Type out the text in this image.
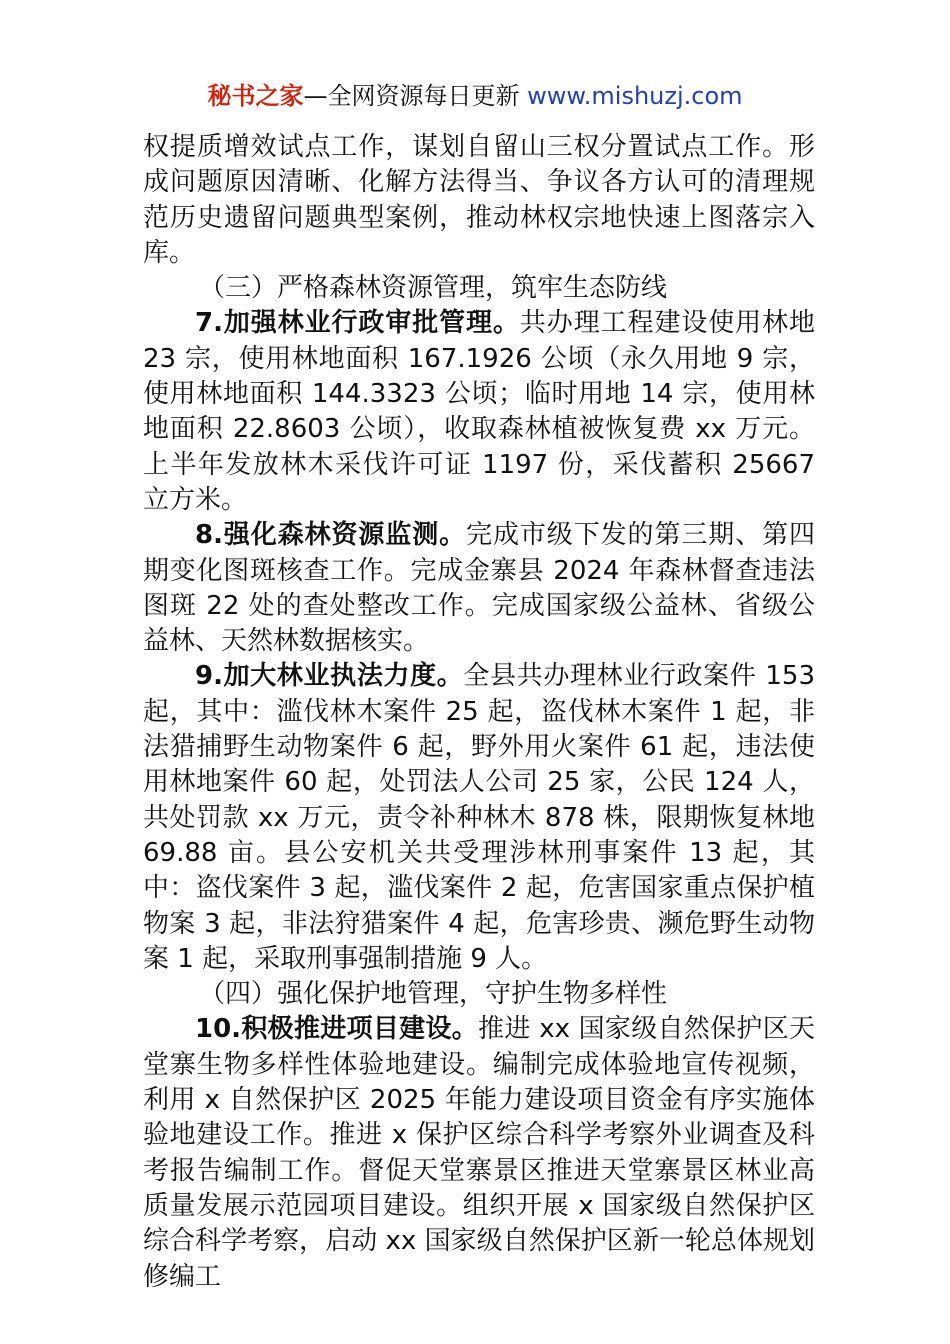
秘书之家—全网资源每日更新 www.mishuzj.com

权提质增效试点工作，谋划自留山三权分置试点工作。形成问题原因清晰、化解方法得当、争议各方认可的清理规范历史遗留问题典型案例，推动林权宗地快速上图落宗入库。

（三）严格森林资源管理，筑牢生态防线

7.加强林业行政审批管理。共办理工程建设使用林地 23 宗，使用林地面积 167.1926 公顷（永久用地 9 宗，使用林地面积 144.3323 公顷；临时用地 14 宗，使用林地面积 22.8603 公顷），收取森林植被恢复费 xx 万元。上半年发放林木采伐许可证 1197 份，采伐蓄积 25667 立方米。

8.强化森林资源监测。完成市级下发的第三期、第四期变化图斑核查工作。完成金寨县 2024 年森林督查违法图斑 22 处的查处整改工作。完成国家级公益林、省级公益林、天然林数据核实。

9.加大林业执法力度。全县共办理林业行政案件 153 起，其中：滥伐林木案件 25 起，盗伐林木案件 1 起，非法猎捕野生动物案件 6 起，野外用火案件 61 起，违法使用林地案件 60 起，处罚法人公司 25 家，公民 124 人，共处罚款 xx 万元，责令补种林木 878 株，限期恢复林地 69.88 亩。县公安机关共受理涉林刑事案件 13 起，其中：盗伐案件 3 起，滥伐案件 2 起，危害国家重点保护植物案 3 起，非法狩猎案件 4 起，危害珍贵、濒危野生动物案 1 起，采取刑事强制措施 9 人。

（四）强化保护地管理，守护生物多样性

10.积极推进项目建设。推进 xx 国家级自然保护区天堂寨生物多样性体验地建设。编制完成体验地宣传视频，利用 x 自然保护区 2025 年能力建设项目资金有序实施体验地建设工作。推进 x 保护区综合科学考察外业调查及科考报告编制工作。督促天堂寨景区推进天堂寨景区林业高质量发展示范园项目建设。组织开展 x 国家级自然保护区综合科学考察，启动 xx 国家级自然保护区新一轮总体规划修编工
